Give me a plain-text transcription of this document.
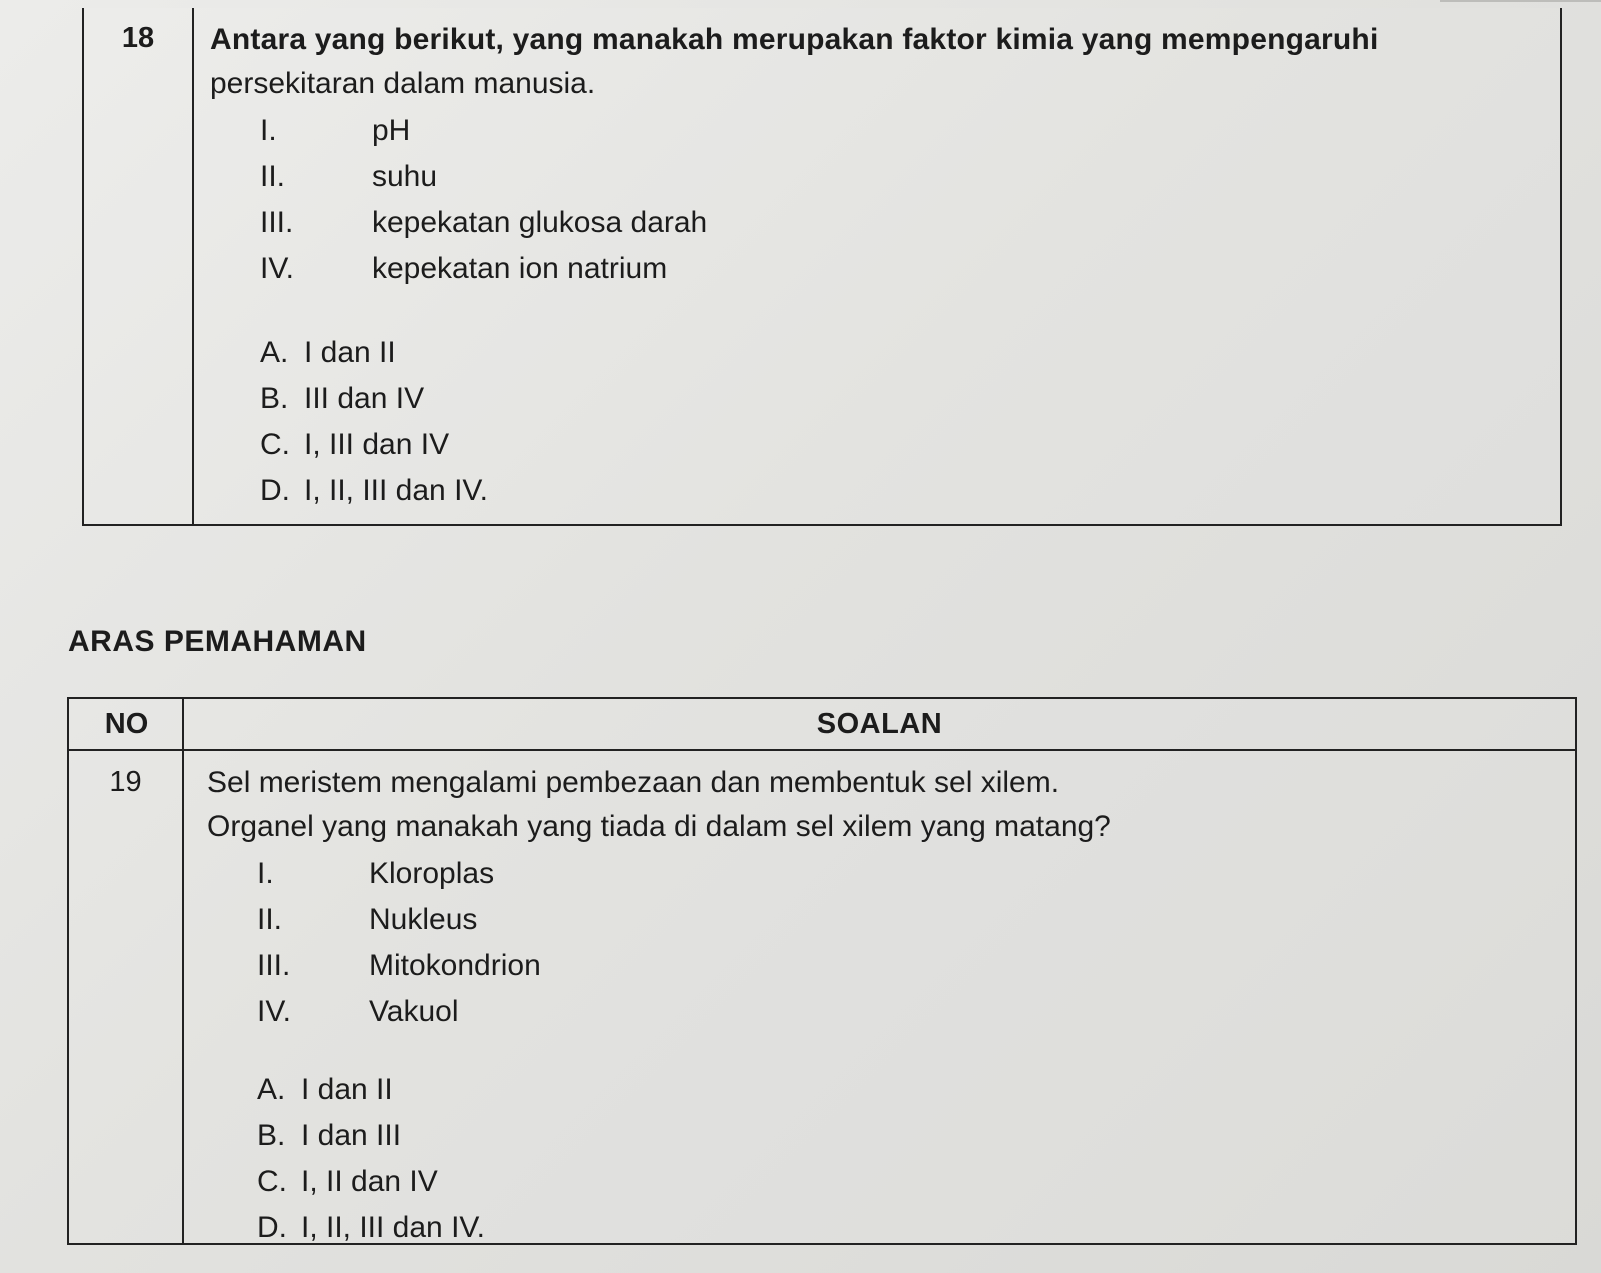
18	Antara yang berikut, yang manakah merupakan faktor kimia yang mempengaruhi

persekitaran dalam manusia.

I.	pH
II.	suhu
III.	kepekatan glukosa darah
IV.	kepekatan ion natrium
A. I dan II
B. III dan IV
C. I, III dan IV
D. I, II, III dan IV.
ARAS PEMAHAMAN
NO	SOALAN
19	Sel meristem mengalami pembezaan dan membentuk sel xilem.

Organel yang manakah yang tiada di dalam sel xilem yang matang?

I.	Kloroplas
II.	Nukleus
III.	Mitokondrion
IV.	Vakuol
A. I dan II
B. I dan III
C. I, II dan IV
D. I, II, III dan IV.
